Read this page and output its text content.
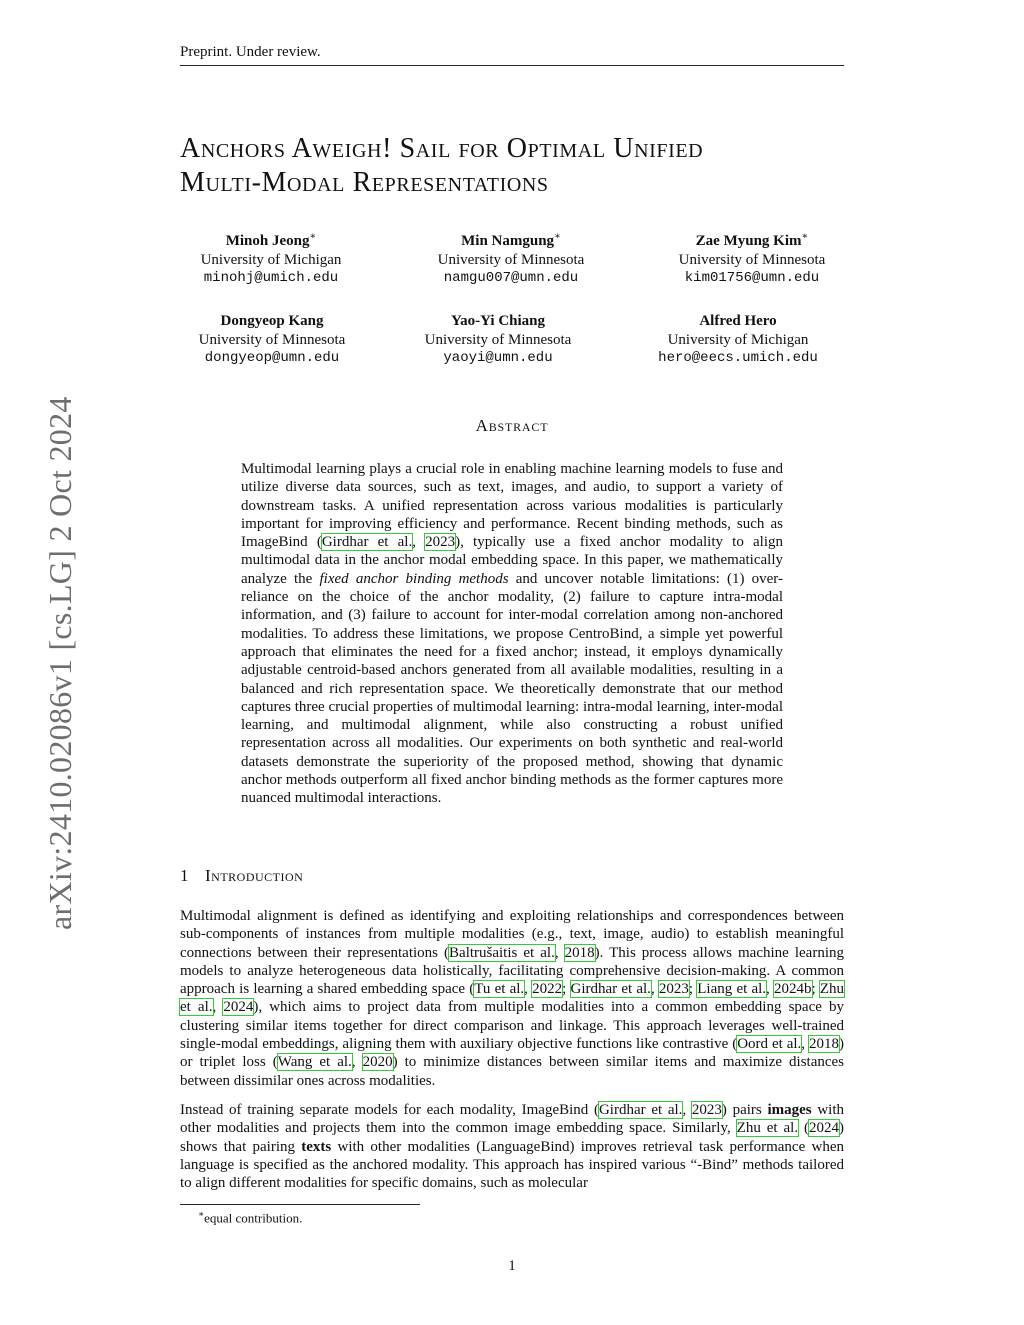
Preprint. Under review.
arXiv:2410.02086v1 [cs.LG] 2 Oct 2024
Anchors Aweigh! Sail for Optimal Unified
Multi-Modal Representations
Minoh Jeong∗
University of Michigan
minohj@umich.edu
Min Namgung∗
University of Minnesota
namgu007@umn.edu
Zae Myung Kim∗
University of Minnesota
kim01756@umn.edu
Dongyeop Kang
University of Minnesota
dongyeop@umn.edu
Yao-Yi Chiang
University of Minnesota
yaoyi@umn.edu
Alfred Hero
University of Michigan
hero@eecs.umich.edu
Abstract
Multimodal learning plays a crucial role in enabling machine learning models to fuse and utilize diverse data sources, such as text, images, and audio, to support a variety of downstream tasks. A unified representation across various modalities is particularly important for improving efficiency and performance. Recent binding methods, such as ImageBind (Girdhar et al., 2023), typically use a fixed anchor modality to align multimodal data in the anchor modal embedding space. In this paper, we mathematically analyze the fixed anchor binding methods and uncover notable limitations: (1) over-reliance on the choice of the anchor modality, (2) failure to capture intra-modal information, and (3) failure to account for inter-modal correlation among non-anchored modalities. To address these limitations, we propose CentroBind, a simple yet powerful approach that eliminates the need for a fixed anchor; instead, it employs dynamically adjustable centroid-based anchors generated from all available modalities, resulting in a balanced and rich representation space. We theoretically demonstrate that our method captures three crucial properties of multimodal learning: intra-modal learning, inter-modal learning, and multimodal alignment, while also constructing a robust unified representation across all modalities. Our experiments on both synthetic and real-world datasets demonstrate the superiority of the proposed method, showing that dynamic anchor methods outperform all fixed anchor binding methods as the former captures more nuanced multimodal interactions.
1 Introduction
Multimodal alignment is defined as identifying and exploiting relationships and correspondences between sub-components of instances from multiple modalities (e.g., text, image, audio) to establish meaningful connections between their representations (Baltrušaitis et al., 2018). This process allows machine learning models to analyze heterogeneous data holistically, facilitating comprehensive decision-making. A common approach is learning a shared embedding space (Tu et al., 2022; Girdhar et al., 2023; Liang et al., 2024b; Zhu et al., 2024), which aims to project data from multiple modalities into a common embedding space by clustering similar items together for direct comparison and linkage. This approach leverages well-trained single-modal embeddings, aligning them with auxiliary objective functions like contrastive (Oord et al., 2018) or triplet loss (Wang et al., 2020) to minimize distances between similar items and maximize distances between dissimilar ones across modalities.
Instead of training separate models for each modality, ImageBind (Girdhar et al., 2023) pairs images with other modalities and projects them into the common image embedding space. Similarly, Zhu et al. (2024) shows that pairing texts with other modalities (LanguageBind) improves retrieval task performance when language is specified as the anchored modality. This approach has inspired various “-Bind” methods tailored to align different modalities for specific domains, such as molecular
∗equal contribution.
1
